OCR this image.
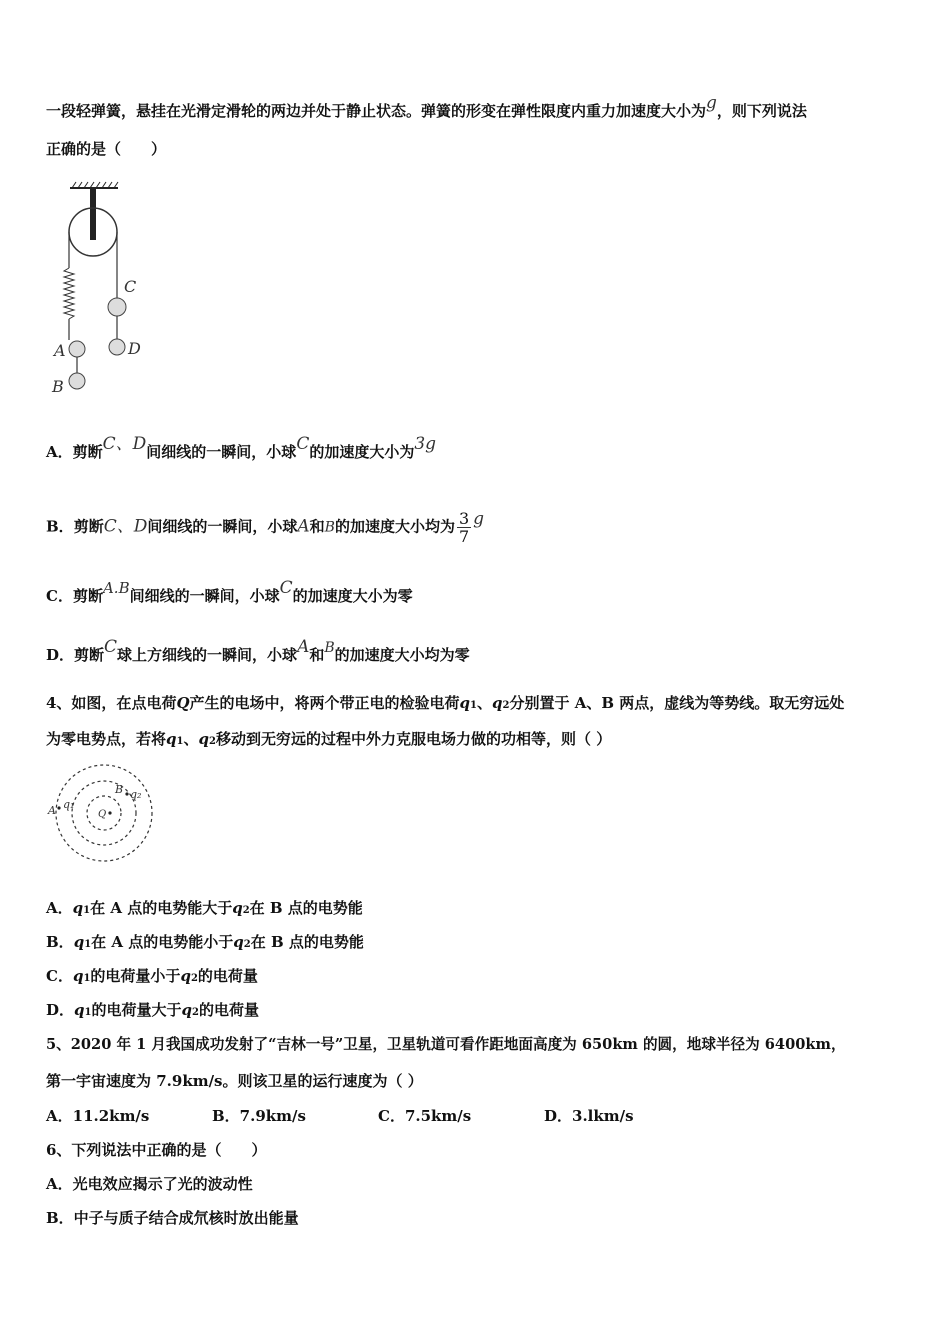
一段轻弹簧，悬挂在光滑定滑轮的两边并处于静止状态。弹簧的形变在弹性限度内重力加速度大小为g，则下列说法
正确的是（　　）
C
D
A
B
A．剪断C、D间细线的一瞬间，小球C的加速度大小为3g
B．剪断C、D间细线的一瞬间，小球A和B的加速度大小均为 $\frac{3}{7}$ g
C．剪断A.B间细线的一瞬间，小球C的加速度大小为零
D．剪断C球上方细线的一瞬间，小球A和B的加速度大小均为零
4、如图，在点电荷Q产生的电场中，将两个带正电的检验电荷q1、q2分别置于 A、B 两点，虚线为等势线。取无穷远处
为零电势点，若将q1、q2移动到无穷远的过程中外力克服电场力做的功相等，则（ ）
A q₁
B q₂
Q
A．q1在 A 点的电势能大于q2在 B 点的电势能
B．q1在 A 点的电势能小于q2在 B 点的电势能
C．q1的电荷量小于q2的电荷量
D．q1的电荷量大于q2的电荷量
5、2020 年 1 月我国成功发射了“吉林一号”卫星，卫星轨道可看作距地面高度为 650km 的圆，地球半径为 6400km，
第一宇宙速度为 7.9km/s。则该卫星的运行速度为（ ）
A．11.2km/s	B．7.9km/s	C．7.5km/s	D．3.lkm/s
6、下列说法中正确的是（　　）
A．光电效应揭示了光的波动性
B．中子与质子结合成氘核时放出能量
